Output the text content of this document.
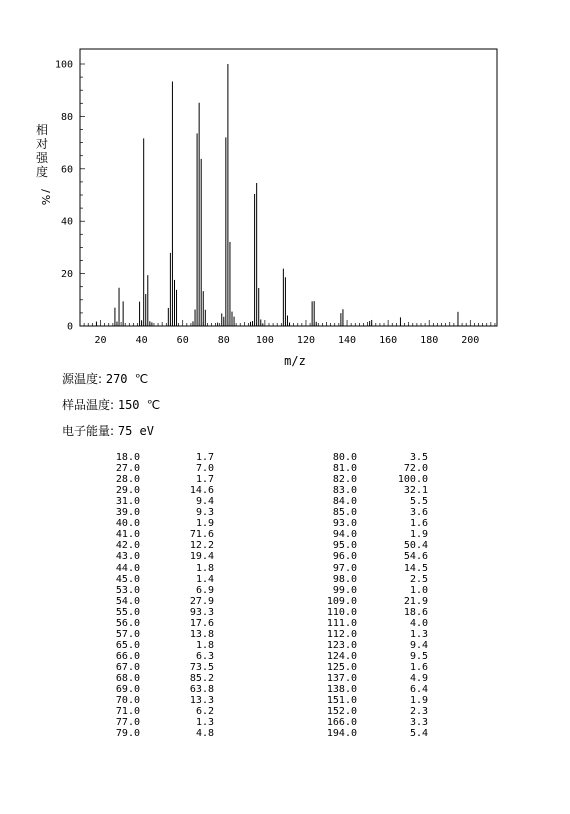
20	40	60	80	100 120 140 160 180 200
0
20
40
60
80
100
相
对
强
度
/
%
m/z
源温度: 270 ℃
样品温度: 150 ℃
电子能量: 75 eV
18.0	1.7
27.0	7.0
28.0	1.7
29.0	14.6
31.0	9.4
39.0	9.3
40.0	1.9
41.0	71.6
42.0	12.2
43.0	19.4
44.0	1.8
45.0	1.4
53.0	6.9
54.0	27.9
55.0	93.3
56.0	17.6
57.0	13.8
65.0	1.8
66.0	6.3
67.0	73.5
68.0	85.2
69.0	63.8
70.0	13.3
71.0	6.2
77.0	1.3
79.0	4.8
80.0	3.5
81.0	72.0
82.0	100.0
83.0	32.1
84.0	5.5
85.0	3.6
93.0	1.6
94.0	1.9
95.0	50.4
96.0	54.6
97.0	14.5
98.0	2.5
99.0	1.0
109.0	21.9
110.0	18.6
111.0	4.0
112.0	1.3
123.0	9.4
124.0	9.5
125.0	1.6
137.0	4.9
138.0	6.4
151.0	1.9
152.0	2.3
166.0	3.3
194.0	5.4
